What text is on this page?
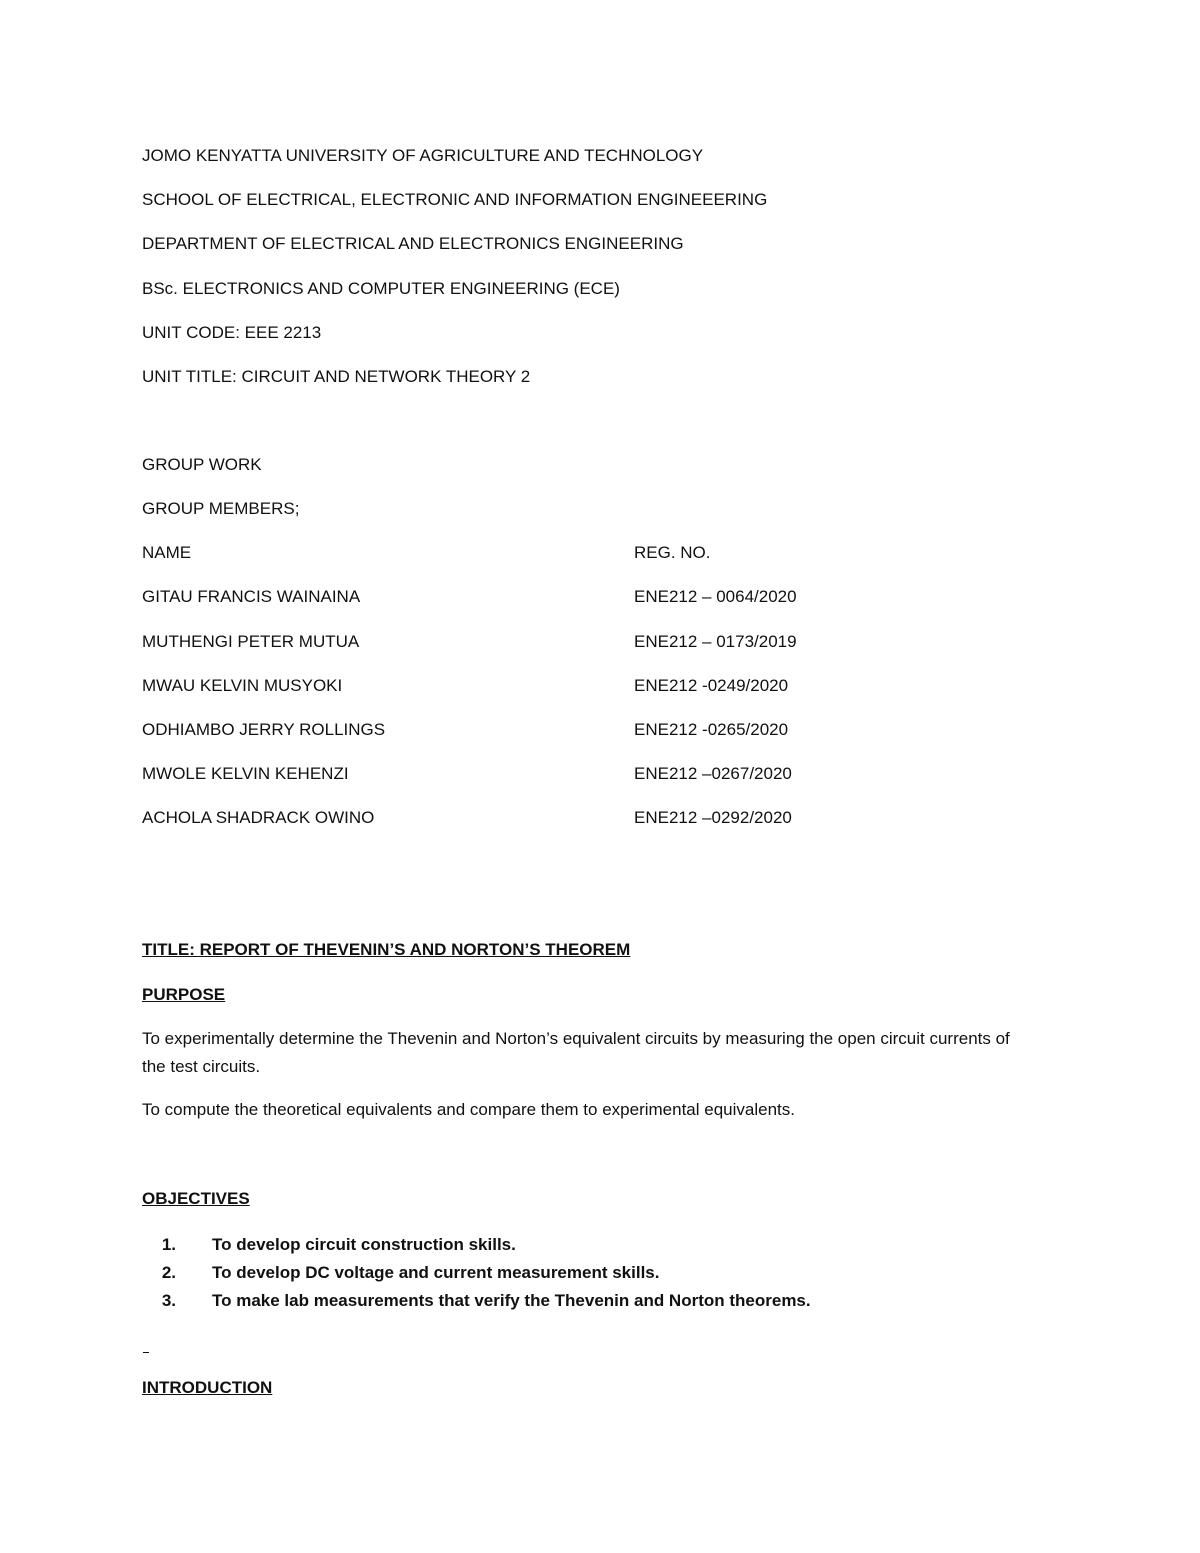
JOMO KENYATTA UNIVERSITY OF AGRICULTURE AND TECHNOLOGY
SCHOOL OF ELECTRICAL, ELECTRONIC AND INFORMATION ENGINEEERING
DEPARTMENT OF ELECTRICAL AND ELECTRONICS ENGINEERING
BSc. ELECTRONICS AND COMPUTER ENGINEERING (ECE)
UNIT CODE: EEE 2213
UNIT TITLE: CIRCUIT AND NETWORK THEORY 2
GROUP WORK
GROUP MEMBERS;
NAME	REG. NO.
GITAU FRANCIS WAINAINA	ENE212 – 0064/2020
MUTHENGI PETER MUTUA	ENE212 – 0173/2019
MWAU KELVIN MUSYOKI	ENE212 -0249/2020
ODHIAMBO JERRY ROLLINGS	ENE212 -0265/2020
MWOLE KELVIN KEHENZI	ENE212 –0267/2020
ACHOLA SHADRACK OWINO	ENE212 –0292/2020
TITLE: REPORT OF THEVENIN’S AND NORTON’S THEOREM
PURPOSE
To experimentally determine the Thevenin and Norton’s equivalent circuits by measuring the open circuit currents of the test circuits.
To compute the theoretical equivalents and compare them to experimental equivalents.
OBJECTIVES
1. To develop circuit construction skills.
2. To develop DC voltage and current measurement skills.
3. To make lab measurements that verify the Thevenin and Norton theorems.
INTRODUCTION
